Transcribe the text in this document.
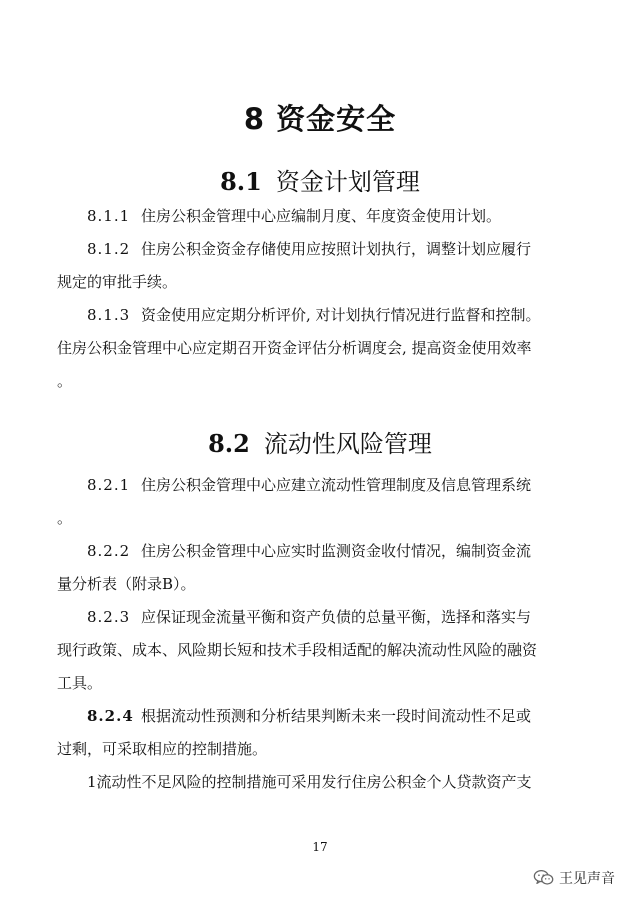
8 资金安全
8.1 资金计划管理
8.1.1 住房公积金管理中心应编制月度、年度资金使用计划。
8.1.2 住房公积金资金存储使用应按照计划执行，调整计划应履行
规定的审批手续。
8.1.3 资金使用应定期分析评价, 对计划执行情况进行监督和控制。
住房公积金管理中心应定期召开资金评估分析调度会, 提高资金使用效率
。
8.2 流动性风险管理
8.2.1 住房公积金管理中心应建立流动性管理制度及信息管理系统
。
8.2.2 住房公积金管理中心应实时监测资金收付情况，编制资金流
量分析表（附录B）。
8.2.3 应保证现金流量平衡和资产负债的总量平衡，选择和落实与
现行政策、成本、风险期长短和技术手段相适配的解决流动性风险的融资
工具。
8.2.4 根据流动性预测和分析结果判断未来一段时间流动性不足或
过剩，可采取相应的控制措施。
1流动性不足风险的控制措施可采用发行住房公积金个人贷款资产支
17
王见声音
